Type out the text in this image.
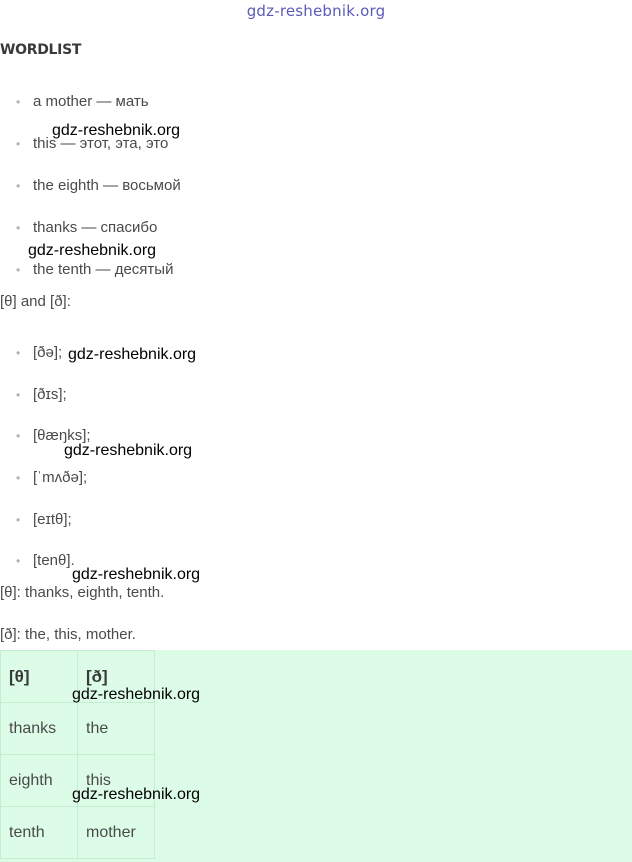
gdz-reshebnik.org
WORDLIST
• a mother — мать
• this — этот, эта, это
• the eighth — восьмой
• thanks — спасибо
• the tenth — десятый
[θ] and [ð]:
• [ðə];
• [ðɪs];
• [θæŋks];
• [ˈmʌðə];
• [eɪtθ];
• [tenθ].
[θ]: thanks, eighth, tenth.
[ð]: the, this, mother.
[θ]	[ð]
thanks	the
eighth	this
tenth	mother
gdz-reshebnik.org
gdz-reshebnik.org
gdz-reshebnik.org
gdz-reshebnik.org
gdz-reshebnik.org
gdz-reshebnik.org
gdz-reshebnik.org
